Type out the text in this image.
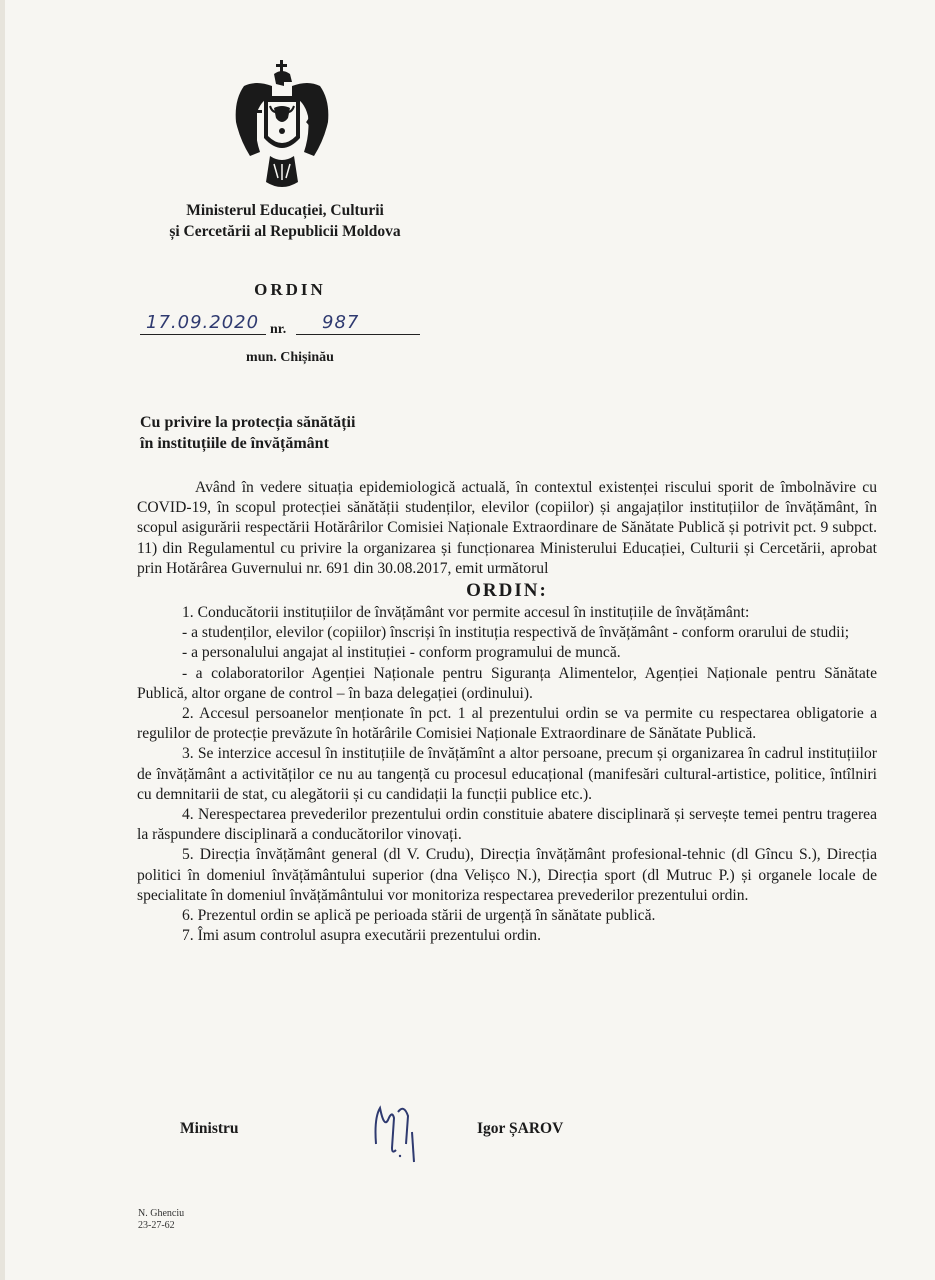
Ministerul Educației, Culturii
și Cercetării al Republicii Moldova
ORDIN
17.09.2020 nr. 987
mun. Chișinău
Cu privire la protecția sănătății
în instituțiile de învățământ

Având în vedere situația epidemiologică actuală, în contextul existenței riscului sporit de îmbolnăvire cu COVID-19, în scopul protecției sănătății studenților, elevilor (copiilor) și angajaților instituțiilor de învățământ, în scopul asigurării respectării Hotărârilor Comisiei Naționale Extraordinare de Sănătate Publică și potrivit pct. 9 subpct. 11) din Regulamentul cu privire la organizarea și funcționarea Ministerului Educației, Culturii și Cercetării, aprobat prin Hotărârea Guvernului nr. 691 din 30.08.2017, emit următorul

ORDIN:

1. Conducătorii instituțiilor de învățământ vor permite accesul în instituțiile de învățământ:

- a studenților, elevilor (copiilor) înscriși în instituția respectivă de învățământ - conform orarului de studii;

- a personalului angajat al instituției - conform programului de muncă.

- a colaboratorilor Agenției Naționale pentru Siguranța Alimentelor, Agenției Naționale pentru Sănătate Publică, altor organe de control – în baza delegației (ordinului).

2. Accesul persoanelor menționate în pct. 1 al prezentului ordin se va permite cu respectarea obligatorie a regulilor de protecție prevăzute în hotărârile Comisiei Naționale Extraordinare de Sănătate Publică.

3. Se interzice accesul în instituțiile de învățămînt a altor persoane, precum și organizarea în cadrul instituțiilor de învățământ a activităților ce nu au tangență cu procesul educațional (manifesări cultural-artistice, politice, întîlniri cu demnitarii de stat, cu alegătorii și cu candidații la funcții publice etc.).

4. Nerespectarea prevederilor prezentului ordin constituie abatere disciplinară și servește temei pentru tragerea la răspundere disciplinară a conducătorilor vinovați.

5. Direcția învățământ general (dl V. Crudu), Direcția învățământ profesional-tehnic (dl Gîncu S.), Direcția politici în domeniul învățământului superior (dna Velișco N.), Direcția sport (dl Mutruc P.) și organele locale de specialitate în domeniul învățământului vor monitoriza respectarea prevederilor prezentului ordin.

6. Prezentul ordin se aplică pe perioada stării de urgență în sănătate publică.

7. Îmi asum controlul asupra executării prezentului ordin.

Ministru	Igor ȘAROV
N. Ghenciu
23-27-62
